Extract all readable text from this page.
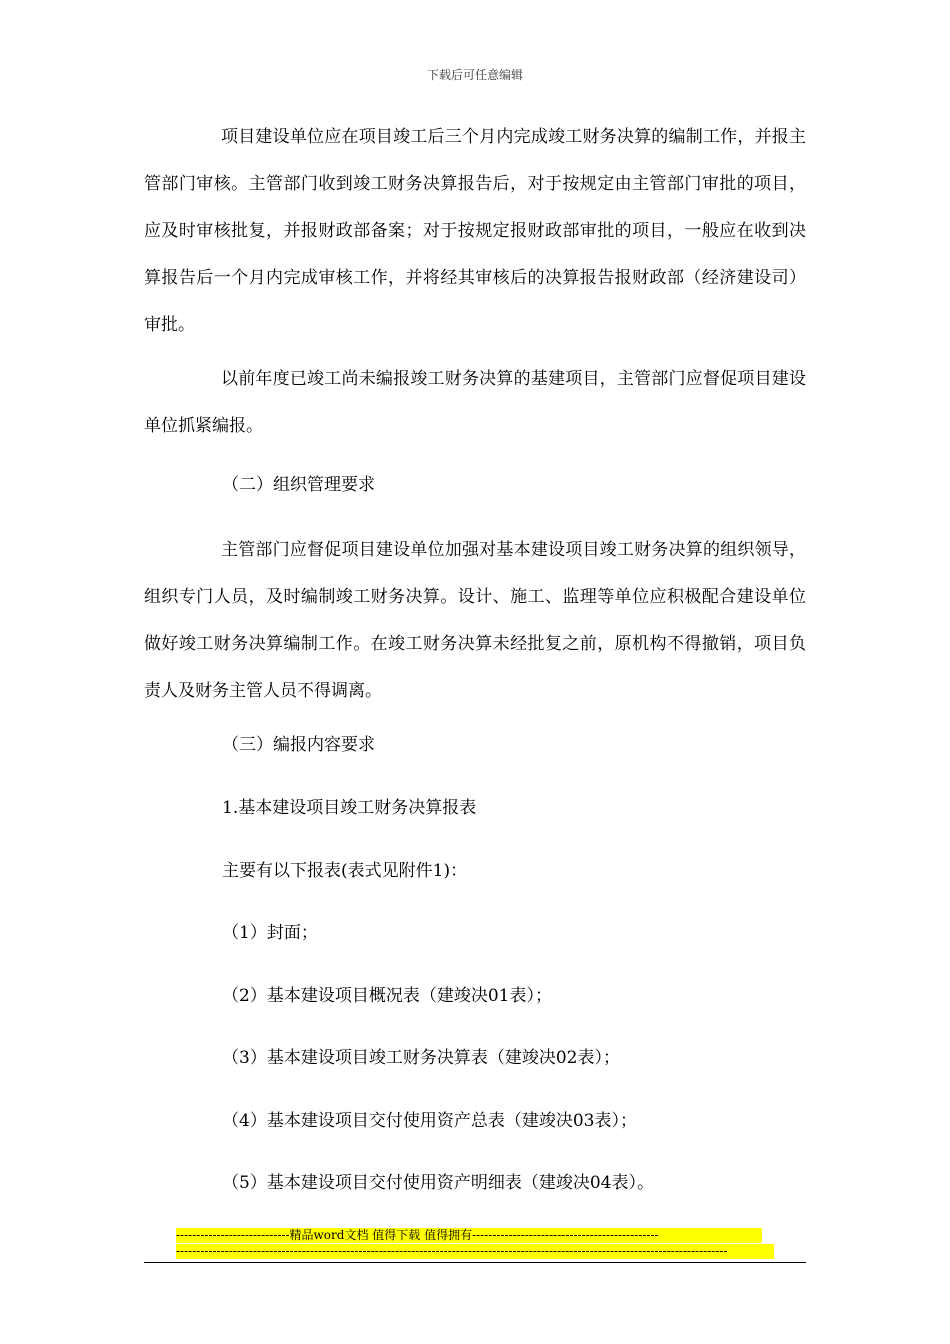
下载后可任意编辑

项目建设单位应在项目竣工后三个月内完成竣工财务决算的编制工作，并报主管部门审核。主管部门收到竣工财务决算报告后，对于按规定由主管部门审批的项目，应及时审核批复，并报财政部备案；对于按规定报财政部审批的项目，一般应在收到决算报告后一个月内完成审核工作，并将经其审核后的决算报告报财政部（经济建设司）审批。

以前年度已竣工尚未编报竣工财务决算的基建项目，主管部门应督促项目建设单位抓紧编报。

（二）组织管理要求

主管部门应督促项目建设单位加强对基本建设项目竣工财务决算的组织领导，组织专门人员，及时编制竣工财务决算。设计、施工、监理等单位应积极配合建设单位做好竣工财务决算编制工作。在竣工财务决算未经批复之前，原机构不得撤销，项目负责人及财务主管人员不得调离。

（三）编报内容要求
1.基本建设项目竣工财务决算报表
主要有以下报表(表式见附件1)：
（1）封面；
（2）基本建设项目概况表（建竣决01表）；
（3）基本建设项目竣工财务决算表（建竣决02表）；
（4）基本建设项目交付使用资产总表（建竣决03表）；
（5）基本建设项目交付使用资产明细表（建竣决04表）。
----------------------------精品word文档 值得下载 值得拥有----------------------------------------------
----------------------------------------------------------------------------------------------------------------------------------------
